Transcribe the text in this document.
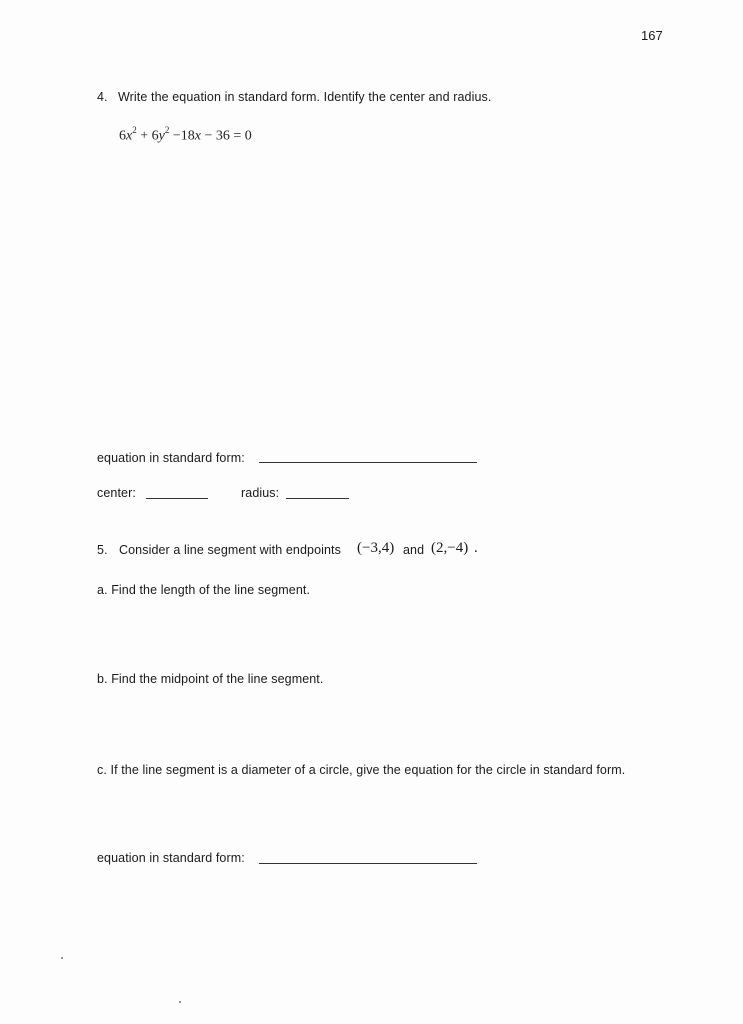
167
4. Write the equation in standard form. Identify the center and radius.
$6x^2 + 6y^2 -18x - 36 = 0$
equation in standard form:
center:	radius:
5. Consider a line segment with endpoints (−3,4) and (2,−4) .
a. Find the length of the line segment.
b. Find the midpoint of the line segment.
c. If the line segment is a diameter of a circle, give the equation for the circle in standard form.
equation in standard form:
